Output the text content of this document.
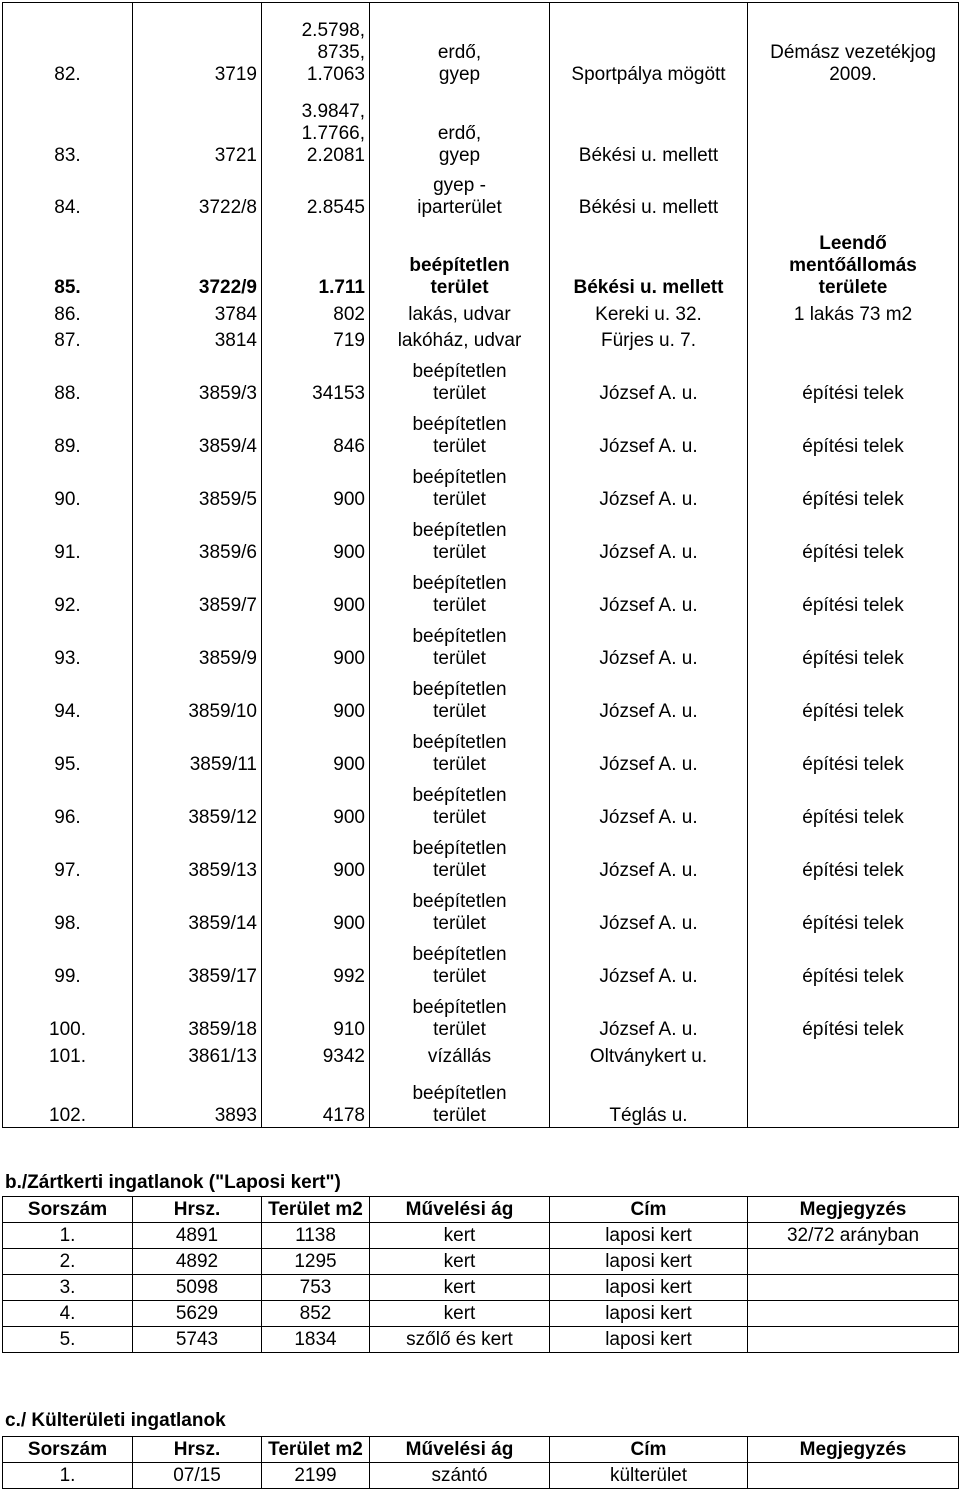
82.	3719	2.5798,
8735,
1.7063	erdő,
gyep	Sportpálya mögött	Démász vezetékjog
2009.
83.	3721	3.9847,
1.7766,
2.2081	erdő,
gyep	Békési u. mellett	
84.	3722/8	2.8545	gyep -
iparterület	Békési u. mellett	
85.	3722/9	1.711	beépítetlen
terület	Békési u. mellett	Leendő
mentőállomás
területe
86.	3784	802	lakás, udvar	Kereki u. 32.	1 lakás 73 m2
87.	3814	719	lakóház, udvar	Fürjes u. 7.	
88.	3859/3	34153	beépítetlen
terület	József A. u.	építési telek
89.	3859/4	846	beépítetlen
terület	József A. u.	építési telek
90.	3859/5	900	beépítetlen
terület	József A. u.	építési telek
91.	3859/6	900	beépítetlen
terület	József A. u.	építési telek
92.	3859/7	900	beépítetlen
terület	József A. u.	építési telek
93.	3859/9	900	beépítetlen
terület	József A. u.	építési telek
94.	3859/10	900	beépítetlen
terület	József A. u.	építési telek
95.	3859/11	900	beépítetlen
terület	József A. u.	építési telek
96.	3859/12	900	beépítetlen
terület	József A. u.	építési telek
97.	3859/13	900	beépítetlen
terület	József A. u.	építési telek
98.	3859/14	900	beépítetlen
terület	József A. u.	építési telek
99.	3859/17	992	beépítetlen
terület	József A. u.	építési telek
100.	3859/18	910	beépítetlen
terület	József A. u.	építési telek
101.	3861/13	9342	vízállás	Oltványkert u.	
102.	3893	4178	beépítetlen
terület	Téglás u.	
b./Zártkerti ingatlanok ("Laposi kert")
Sorszám	Hrsz.	Terület m2	Művelési ág	Cím	Megjegyzés
1.	4891	1138	kert	laposi kert	32/72 arányban
2.	4892	1295	kert	laposi kert	
3.	5098	753	kert	laposi kert	
4.	5629	852	kert	laposi kert	
5.	5743	1834	szőlő és kert	laposi kert	
c./ Külterületi ingatlanok
Sorszám	Hrsz.	Terület m2	Művelési ág	Cím	Megjegyzés
1.	07/15	2199	szántó	külterület	
